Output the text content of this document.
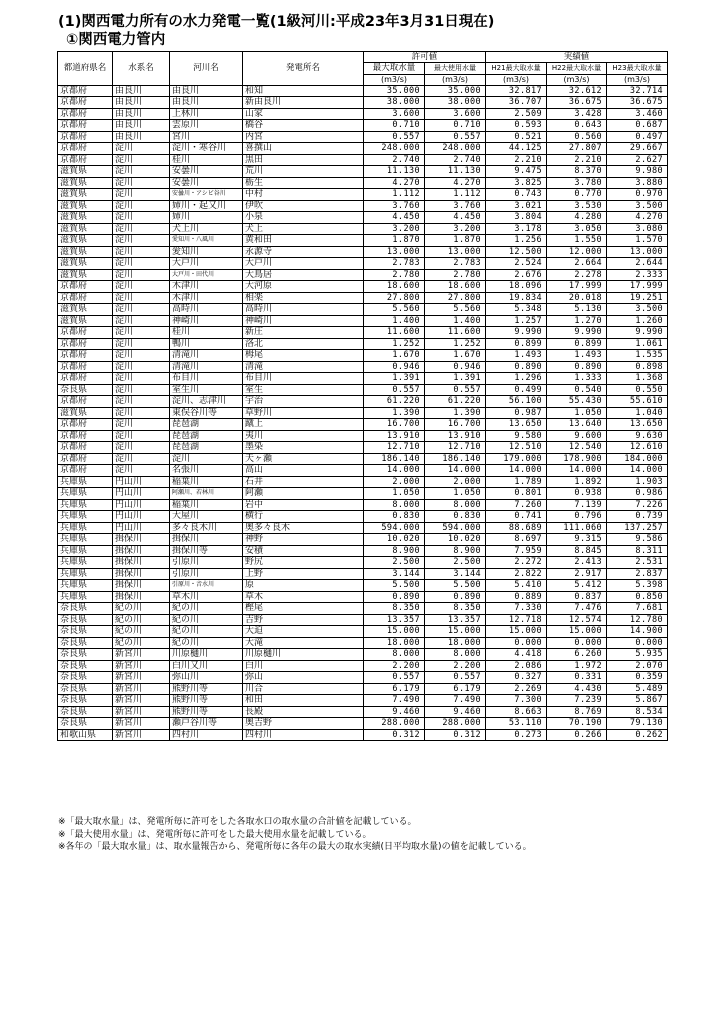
(1)関西電力所有の水力発電一覧(1級河川:平成23年3月31日現在)
①関西電力管内
都道府県名	水系名	河川名	発電所名	許可値		実績値		
				最大取水量	最大使用水量	H21最大取水量	H22最大取水量	H23最大取水量
				(m3/s)	(m3/s)	(m3/s)	(m3/s)	(m3/s)
京都府	由良川	由良川	和知	35.000	35.000	32.817	32.612	32.714
京都府	由良川	由良川	新由良川	38.000	38.000	36.707	36.675	36.675
京都府	由良川	上林川	山家	3.600	3.600	2.509	3.428	3.460
京都府	由良川	雲原川	橋谷	0.710	0.710	0.593	0.643	0.687
京都府	由良川	宮川	内宮	0.557	0.557	0.521	0.560	0.497
京都府	淀川	淀川・寒谷川	喜撰山	248.000	248.000	44.125	27.807	29.667
京都府	淀川	桂川	黒田	2.740	2.740	2.210	2.210	2.627
滋賀県	淀川	安曇川	荒川	11.130	11.130	9.475	8.370	9.980
滋賀県	淀川	安曇川	栃生	4.270	4.270	3.825	3.780	3.880
滋賀県	淀川	安曇川・アシビ谷川	中村	1.112	1.112	0.743	0.770	0.970
滋賀県	淀川	姉川・起又川	伊吹	3.760	3.760	3.021	3.530	3.500
滋賀県	淀川	姉川	小泉	4.450	4.450	3.804	4.280	4.270
滋賀県	淀川	犬上川	犬上	3.200	3.200	3.178	3.050	3.080
滋賀県	淀川	愛知川・八風川	黄和田	1.870	1.870	1.256	1.550	1.570
滋賀県	淀川	愛知川	永源寺	13.000	13.000	12.500	12.000	13.000
滋賀県	淀川	大戸川	大戸川	2.783	2.783	2.524	2.664	2.644
滋賀県	淀川	大戸川・田代川	大鳥居	2.780	2.780	2.676	2.278	2.333
京都府	淀川	木津川	大河原	18.600	18.600	18.096	17.999	17.999
京都府	淀川	木津川	相楽	27.800	27.800	19.834	20.018	19.251
滋賀県	淀川	高時川	高時川	5.560	5.560	5.348	5.130	3.500
滋賀県	淀川	神崎川	神崎川	1.400	1.400	1.257	1.270	1.260
京都府	淀川	桂川	新庄	11.600	11.600	9.990	9.990	9.990
京都府	淀川	鴨川	洛北	1.252	1.252	0.899	0.899	1.061
京都府	淀川	清滝川	栂尾	1.670	1.670	1.493	1.493	1.535
京都府	淀川	清滝川	清滝	0.946	0.946	0.890	0.890	0.898
京都府	淀川	布目川	布目川	1.391	1.391	1.296	1.333	1.368
奈良県	淀川	室生川	室生	0.557	0.557	0.499	0.540	0.550
京都府	淀川	淀川、志津川	宇治	61.220	61.220	56.100	55.430	55.610
滋賀県	淀川	東俣谷川等	草野川	1.390	1.390	0.987	1.050	1.040
京都府	淀川	琵琶湖	蹴上	16.700	16.700	13.650	13.640	13.650
京都府	淀川	琵琶湖	夷川	13.910	13.910	9.580	9.600	9.630
京都府	淀川	琵琶湖	墨染	12.710	12.710	12.510	12.540	12.610
京都府	淀川	淀川	天ヶ瀬	186.140	186.140	179.000	178.900	184.000
京都府	淀川	名張川	高山	14.000	14.000	14.000	14.000	14.000
兵庫県	円山川	稲葉川	石井	2.000	2.000	1.789	1.892	1.903
兵庫県	円山川	阿瀬川、若林川	阿瀬	1.050	1.050	0.801	0.938	0.986
兵庫県	円山川	稲葉川	岩中	8.000	8.000	7.260	7.139	7.226
兵庫県	円山川	大屋川	横行	0.830	0.830	0.741	0.796	0.739
兵庫県	円山川	多々良木川	奥多々良木	594.000	594.000	88.689	111.060	137.257
兵庫県	揖保川	揖保川	神野	10.020	10.020	8.697	9.315	9.586
兵庫県	揖保川	揖保川等	安積	8.900	8.900	7.959	8.845	8.311
兵庫県	揖保川	引原川	野尻	2.500	2.500	2.272	2.413	2.531
兵庫県	揖保川	引原川	上野	3.144	3.144	2.822	2.917	2.837
兵庫県	揖保川	引原川・音水川	原	5.500	5.500	5.410	5.412	5.398
兵庫県	揖保川	草木川	草木	0.890	0.890	0.889	0.837	0.850
奈良県	紀の川	紀の川	樫尾	8.350	8.350	7.330	7.476	7.681
奈良県	紀の川	紀の川	吉野	13.357	13.357	12.718	12.574	12.780
奈良県	紀の川	紀の川	大迫	15.000	15.000	15.000	15.000	14.900
奈良県	紀の川	紀の川	大滝	18.000	18.000	0.000	0.000	0.000
奈良県	新宮川	川原樋川	川原樋川	8.000	8.000	4.418	6.260	5.935
奈良県	新宮川	白川又川	白川	2.200	2.200	2.086	1.972	2.070
奈良県	新宮川	弥山川	弥山	0.557	0.557	0.327	0.331	0.359
奈良県	新宮川	熊野川等	川合	6.179	6.179	2.269	4.430	5.489
奈良県	新宮川	熊野川等	和田	7.490	7.490	7.300	7.239	5.867
奈良県	新宮川	熊野川等	長殿	9.460	9.460	8.663	8.769	8.534
奈良県	新宮川	瀬戸谷川等	奥吉野	288.000	288.000	53.110	70.190	79.130
和歌山県	新宮川	四村川	四村川	0.312	0.312	0.273	0.266	0.262
※「最大取水量」は、発電所毎に許可をした各取水口の取水量の合計値を記載している。
※「最大使用水量」は、発電所毎に許可をした最大使用水量を記載している。
※各年の「最大取水量」は、取水量報告から、発電所毎に各年の最大の取水実績(日平均取水量)の値を記載している。
